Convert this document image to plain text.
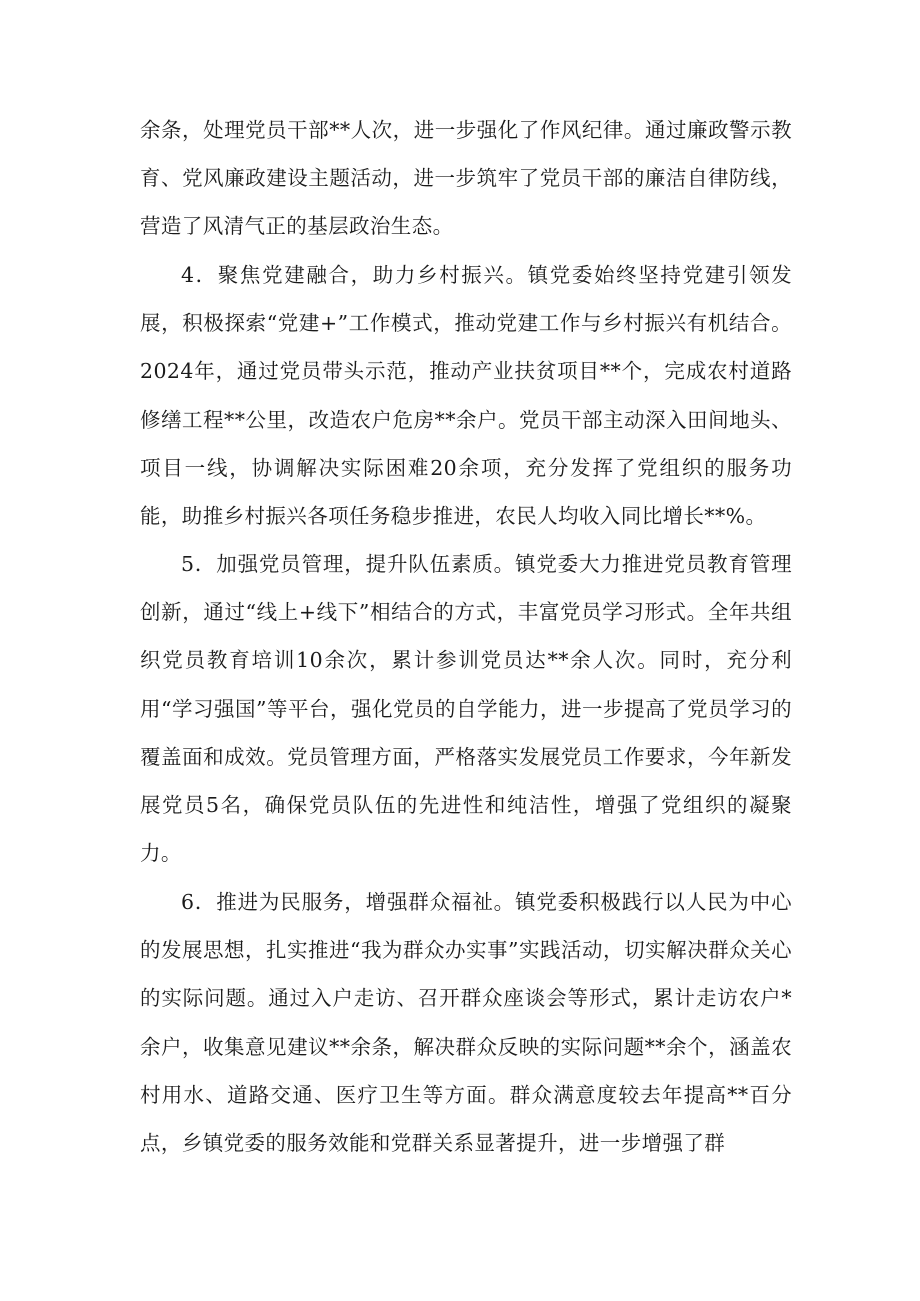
余条，处理党员干部**人次，进一步强化了作风纪律。通过廉政警示教育、党风廉政建设主题活动，进一步筑牢了党员干部的廉洁自律防线，营造了风清气正的基层政治生态。

4．聚焦党建融合，助力乡村振兴。镇党委始终坚持党建引领发展，积极探索“党建+”工作模式，推动党建工作与乡村振兴有机结合。2024年，通过党员带头示范，推动产业扶贫项目**个，完成农村道路修缮工程**公里，改造农户危房**余户。党员干部主动深入田间地头、项目一线，协调解决实际困难20余项，充分发挥了党组织的服务功能，助推乡村振兴各项任务稳步推进，农民人均收入同比增长**%。

5．加强党员管理，提升队伍素质。镇党委大力推进党员教育管理创新，通过“线上+线下”相结合的方式，丰富党员学习形式。全年共组织党员教育培训10余次，累计参训党员达**余人次。同时，充分利用“学习强国”等平台，强化党员的自学能力，进一步提高了党员学习的覆盖面和成效。党员管理方面，严格落实发展党员工作要求，今年新发展党员5名，确保党员队伍的先进性和纯洁性，增强了党组织的凝聚力。

6．推进为民服务，增强群众福祉。镇党委积极践行以人民为中心的发展思想，扎实推进“我为群众办实事”实践活动，切实解决群众关心的实际问题。通过入户走访、召开群众座谈会等形式，累计走访农户*余户，收集意见建议**余条，解决群众反映的实际问题**余个，涵盖农村用水、道路交通、医疗卫生等方面。群众满意度较去年提高**百分点，乡镇党委的服务效能和党群关系显著提升，进一步增强了群
